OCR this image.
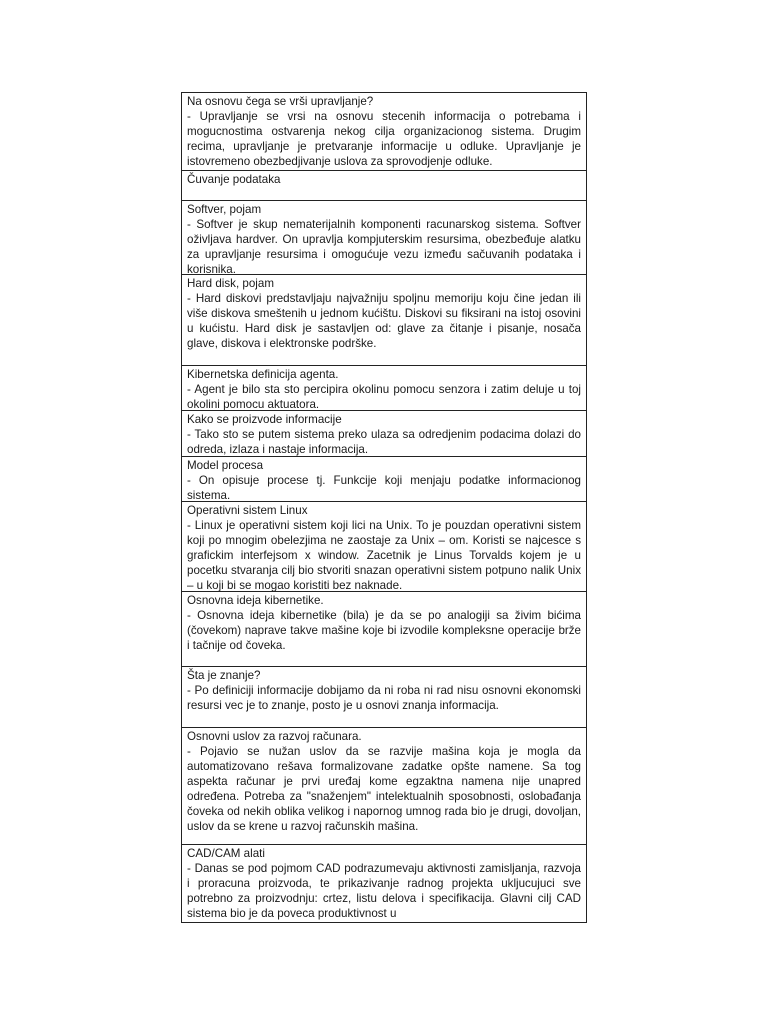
Na osnovu čega se vrši upravljanje?
- Upravljanje se vrsi na osnovu stecenih informacija o potrebama i mogucnostima ostvarenja nekog cilja organizacionog sistema. Drugim recima, upravljanje je pretvaranje informacije u odluke. Upravljanje je istovremeno obezbedjivanje uslova za sprovodjenje odluke.
Čuvanje podataka
Softver, pojam
- Softver je skup nematerijalnih komponenti racunarskog sistema. Softver oživljava hardver. On upravlja kompjuterskim resursima, obezbeđuje alatku za upravljanje resursima i omogućuje vezu između sačuvanih podataka i korisnika.
Hard disk, pojam
- Hard diskovi predstavljaju najvažniju spoljnu memoriju koju čine jedan ili više diskova smeštenih u jednom kućištu. Diskovi su fiksirani na istoj osovini u kućistu. Hard disk je sastavljen od: glave za čitanje i pisanje, nosača glave, diskova i elektronske podrške.
Kibernetska definicija agenta.
- Agent je bilo sta sto percipira okolinu pomocu senzora i zatim deluje u toj okolini pomocu aktuatora.
Kako se proizvode informacije
- Tako sto se putem sistema preko ulaza sa odredjenim podacima dolazi do odreda, izlaza i nastaje informacija.
Model procesa
- On opisuje procese tj. Funkcije koji menjaju podatke informacionog sistema.
Operativni sistem Linux
- Linux je operativni sistem koji lici na Unix. To je pouzdan operativni sistem koji po mnogim obelezjima ne zaostaje za Unix – om. Koristi se najcesce s grafickim interfejsom x window. Zacetnik je Linus Torvalds kojem je u pocetku stvaranja cilj bio stvoriti snazan operativni sistem potpuno nalik Unix – u koji bi se mogao koristiti bez naknade.
Osnovna ideja kibernetike.
- Osnovna ideja kibernetike (bila) je da se po analogiji sa živim bićima (čovekom) naprave takve mašine koje bi izvodile kompleksne operacije brže i tačnije od čoveka.
Šta je znanje?
- Po definiciji informacije dobijamo da ni roba ni rad nisu osnovni ekonomski resursi vec je to znanje, posto je u osnovi znanja informacija.
Osnovni uslov za razvoj računara.
- Pojavio se nužan uslov da se razvije mašina koja je mogla da automatizovano rešava formalizovane zadatke opšte namene. Sa tog aspekta računar je prvi uređaj kome egzaktna namena nije unapred određena. Potreba za "snaženjem" intelektualnih sposobnosti, oslobađanja čoveka od nekih oblika velikog i napornog umnog rada bio je drugi, dovoljan, uslov da se krene u razvoj računskih mašina.
CAD/CAM alati
- Danas se pod pojmom CAD podrazumevaju aktivnosti zamisljanja, razvoja i proracuna proizvoda, te prikazivanje radnog projekta ukljucujuci sve potrebno za proizvodnju: crtez, listu delova i specifikacija. Glavni cilj CAD sistema bio je da poveca produktivnost u
